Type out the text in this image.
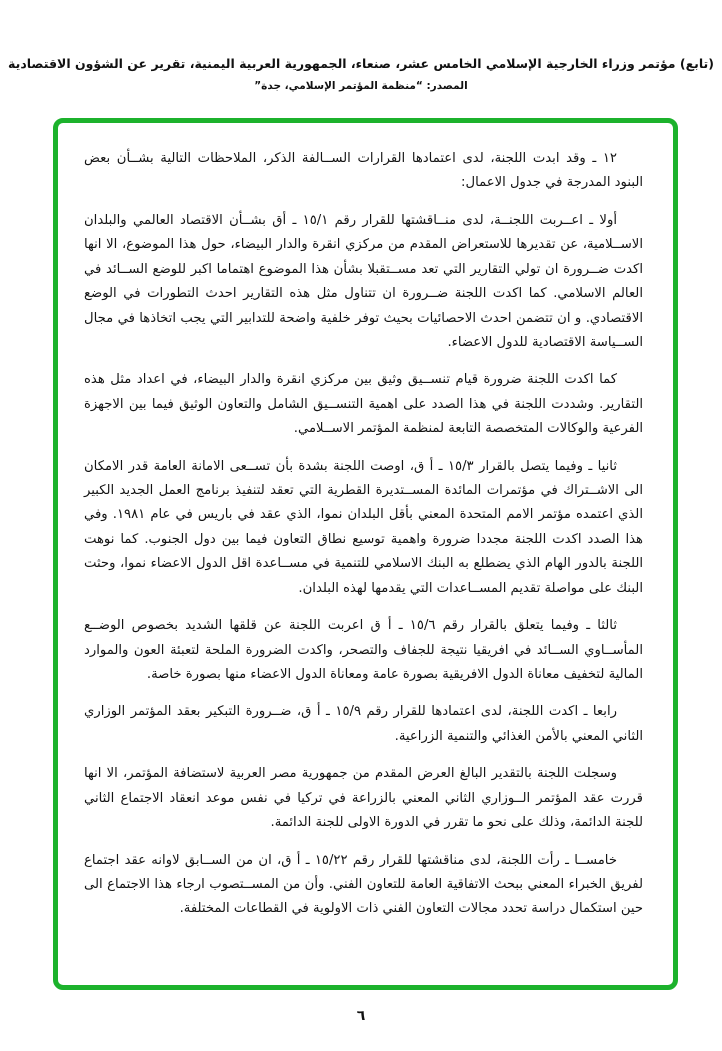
(تابع) مؤتمر وزراء الخارجية الإسلامي الخامس عشر، صنعاء، الجمهورية العربية اليمنية، تقرير عن الشؤون الاقتصادية
المصدر: “منظمة المؤتمر الإسلامي، جدة”

١٢ ـ وقد ابدت اللجنة، لدى اعتمادها القرارات الســالفة الذكر، الملاحظات التالية بشــأن بعض البنود المدرجة في جدول الاعمال:

أولا ـ اعــربت اللجنــة، لدى منــاقشتها للقرار رقم ١٥/١ ـ أق بشــأن الاقتصاد العالمي والبلدان الاســلامية، عن تقديرها للاستعراض المقدم من مركزي انقرة والدار البيضاء، حول هذا الموضوع، الا انها اكدت ضــرورة ان تولي التقارير التي تعد مســتقبلا بشأن هذا الموضوع اهتماما اكبر للوضع الســائد في العالم الاسلامي. كما اكدت اللجنة ضــرورة ان تتناول مثل هذه التقارير احدث التطورات في الوضع الاقتصادي. و ان تتضمن احدث الاحصائيات بحيث توفر خلفية واضحة للتدابير التي يجب اتخاذها في مجال الســياسة الاقتصادية للدول الاعضاء.

كما اكدت اللجنة ضرورة قيام تنســيق وثيق بين مركزي انقرة والدار البيضاء، في اعداد مثل هذه التقارير. وشددت اللجنة في هذا الصدد على اهمية التنســيق الشامل والتعاون الوثيق فيما بين الاجهزة الفرعية والوكالات المتخصصة التابعة لمنظمة المؤتمر الاســلامي.

ثانيا ـ وفيما يتصل بالقرار ١٥/٣ ـ أ ق، اوصت اللجنة بشدة بأن تســعى الامانة العامة قدر الامكان الى الاشــتراك في مؤتمرات المائدة المســتديرة القطرية التي تعقد لتنفيذ برنامج العمل الجديد الكبير الذي اعتمده مؤتمر الامم المتحدة المعني بأقل البلدان نموا، الذي عقد في باريس في عام ١٩٨١. وفي هذا الصدد اكدت اللجنة مجددا ضرورة واهمية توسيع نطاق التعاون فيما بين دول الجنوب. كما نوهت اللجنة بالدور الهام الذي يضطلع به البنك الاسلامي للتنمية في مســاعدة اقل الدول الاعضاء نموا، وحثت البنك على مواصلة تقديم المســاعدات التي يقدمها لهذه البلدان.

ثالثا ـ وفيما يتعلق بالقرار رقم ١٥/٦ ـ أ ق اعربت اللجنة عن قلقها الشديد بخصوص الوضــع المأســاوي الســائد في افريقيا نتيجة للجفاف والتصحر، واكدت الضرورة الملحة لتعبئة العون والموارد المالية لتخفيف معاناة الدول الافريقية بصورة عامة ومعاناة الدول الاعضاء منها بصورة خاصة.

رابعا ـ اكدت اللجنة، لدى اعتمادها للقرار رقم ١٥/٩ ـ أ ق، ضــرورة التبكير بعقد المؤتمر الوزاري الثاني المعني بالأمن الغذائي والتنمية الزراعية.

وسجلت اللجنة بالتقدير البالغ العرض المقدم من جمهورية مصر العربية لاستضافة المؤتمر، الا انها قررت عقد المؤتمر الــوزاري الثاني المعني بالزراعة في تركيا في نفس موعد انعقاد الاجتماع الثاني للجنة الدائمة، وذلك على نحو ما تقرر في الدورة الاولى للجنة الدائمة.

خامســا ـ رأت اللجنة، لدى مناقشتها للقرار رقم ١٥/٢٢ ـ أ ق، ان من الســابق لاوانه عقد اجتماع لفريق الخبراء المعني ببحث الاتفاقية العامة للتعاون الفني. وأن من المســتصوب ارجاء هذا الاجتماع الى حين استكمال دراسة تحدد مجالات التعاون الفني ذات الاولوية في القطاعات المختلفة.

٦
